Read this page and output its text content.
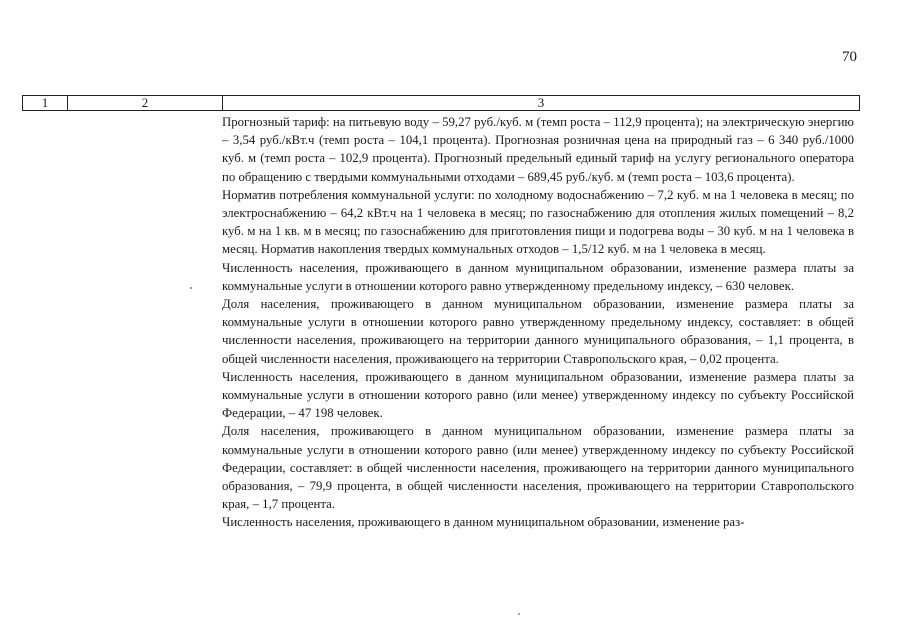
70
1	2	3

Прогнозный тариф: на питьевую воду – 59,27 руб./куб. м (темп роста – 112,9 процента); на электрическую энергию – 3,54 руб./кВт.ч (темп роста – 104,1 процента). Прогнозная розничная цена на природный газ – 6 340 руб./1000 куб. м (темп роста – 102,9 процента). Прогнозный предельный единый тариф на услугу регионального оператора по обращению с твердыми коммунальными отходами – 689,45 руб./куб. м (темп роста – 103,6 процента).

Норматив потребления коммунальной услуги: по холодному водоснабжению – 7,2 куб. м на 1 человека в месяц; по электроснабжению – 64,2 кВт.ч на 1 человека в месяц; по газоснабжению для отопления жилых помещений – 8,2 куб. м на 1 кв. м в месяц; по газоснабжению для приготовления пищи и подогрева воды – 30 куб. м на 1 человека в месяц. Норматив накопления твердых коммунальных отходов – 1,5/12 куб. м на 1 человека в месяц.

Численность населения, проживающего в данном муниципальном образовании, изменение размера платы за коммунальные услуги в отношении которого равно утвержденному предельному индексу, – 630 человек.

Доля населения, проживающего в данном муниципальном образовании, изменение размера платы за коммунальные услуги в отношении которого равно утвержденному предельному индексу, составляет: в общей численности населения, проживающего на территории данного муниципального образования, – 1,1 процента, в общей численности населения, проживающего на территории Ставропольского края, – 0,02 процента.

Численность населения, проживающего в данном муниципальном образовании, изменение размера платы за коммунальные услуги в отношении которого равно (или менее) утвержденному индексу по субъекту Российской Федерации, – 47 198 человек.

Доля населения, проживающего в данном муниципальном образовании, изменение размера платы за коммунальные услуги в отношении которого равно (или менее) утвержденному индексу по субъекту Российской Федерации, составляет: в общей численности населения, проживающего на территории данного муниципального образования, – 79,9 процента, в общей численности населения, проживающего на территории Ставропольского края, – 1,7 процента.

Численность населения, проживающего в данном муниципальном образовании, изменение раз-
